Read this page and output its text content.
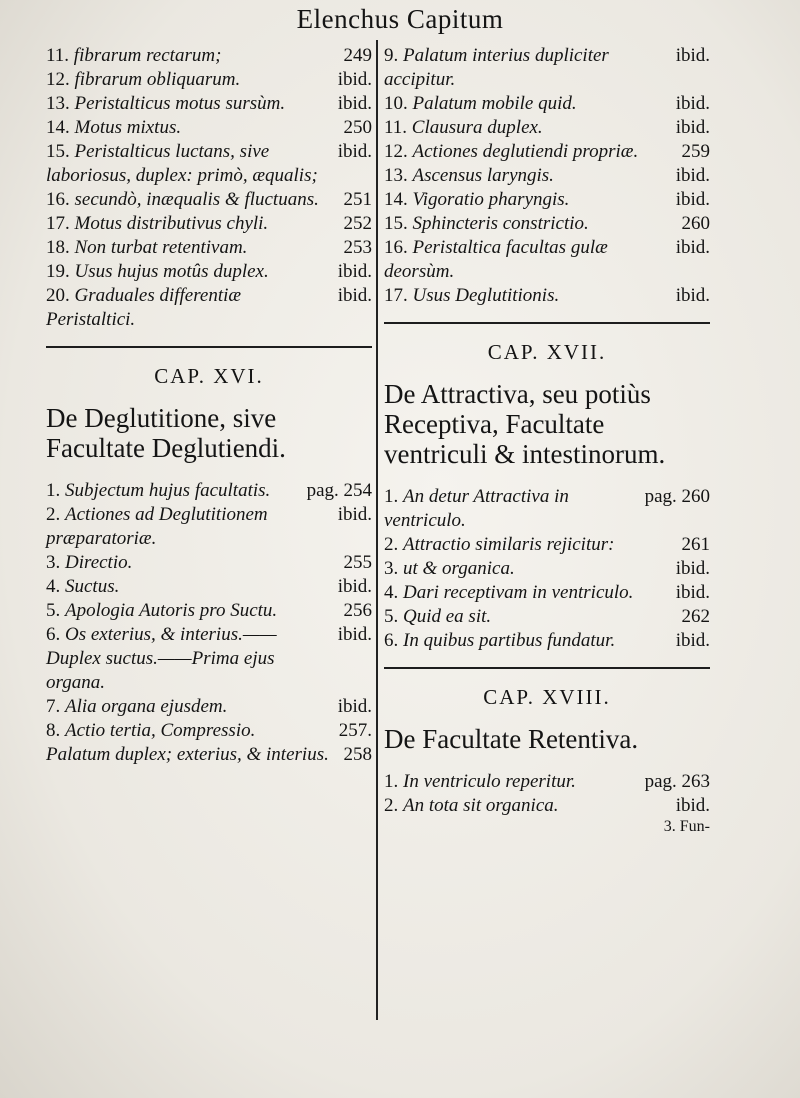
Elenchus Capitum
11. fibrarum rectarum;	249
12. fibrarum obliquarum.	ibid.
13. Peristalticus motus sursùm.	ibid.
14. Motus mixtus.	250
15. Peristalticus luctans, sive laboriosus, duplex: primò, æqualis;
ibid.
16. secundò, inæqualis & fluctuans. 251
17. Motus distributivus chyli.	252
18. Non turbat retentivam.	253
19. Usus hujus motûs duplex.	ibid.
20. Graduales differentiæ Peristaltici.
ibid.
CAP. XVI.
De Deglutitione, sive Facultate Deglutiendi.
1. Subjectum hujus facultatis. pag. 254
2. Actiones ad Deglutitionem præparatoriæ.
ibid.
3. Directio.	255
4. Suctus.	ibid.
5. Apologia Autoris pro Suctu.	256
6. Os exterius, & interius.—— Duplex suctus.——Prima ejus organa.
ibid.
7. Alia organa ejusdem.	ibid.
8. Actio tertia, Compressio.	257.
Palatum duplex; exterius, & interius. 258
9. Palatum interius dupliciter accipitur.
ibid.
10. Palatum mobile quid.	ibid.
11. Clausura duplex.	ibid.
12. Actiones deglutiendi propriæ. 259
13. Ascensus laryngis.	ibid.
14. Vigoratio pharyngis.	ibid.
15. Sphincteris constrictio.	260
16. Peristaltica facultas gulæ deorsùm.
ibid.
17. Usus Deglutitionis.	ibid.
CAP. XVII.
De Attractiva, seu potiùs Receptiva, Facultate ventriculi & intestinorum.
1. An detur Attractiva in ventriculo.
pag. 260
2. Attractio similaris rejicitur:	261
3. ut & organica.	ibid.
4. Dari receptivam in ventriculo. ibid.
5. Quid ea sit.	262
6. In quibus partibus fundatur.	ibid.
CAP. XVIII.
De Facultate Retentiva.
1. In ventriculo reperitur.	pag. 263
2. An tota sit organica.	ibid.
3. Fun-
